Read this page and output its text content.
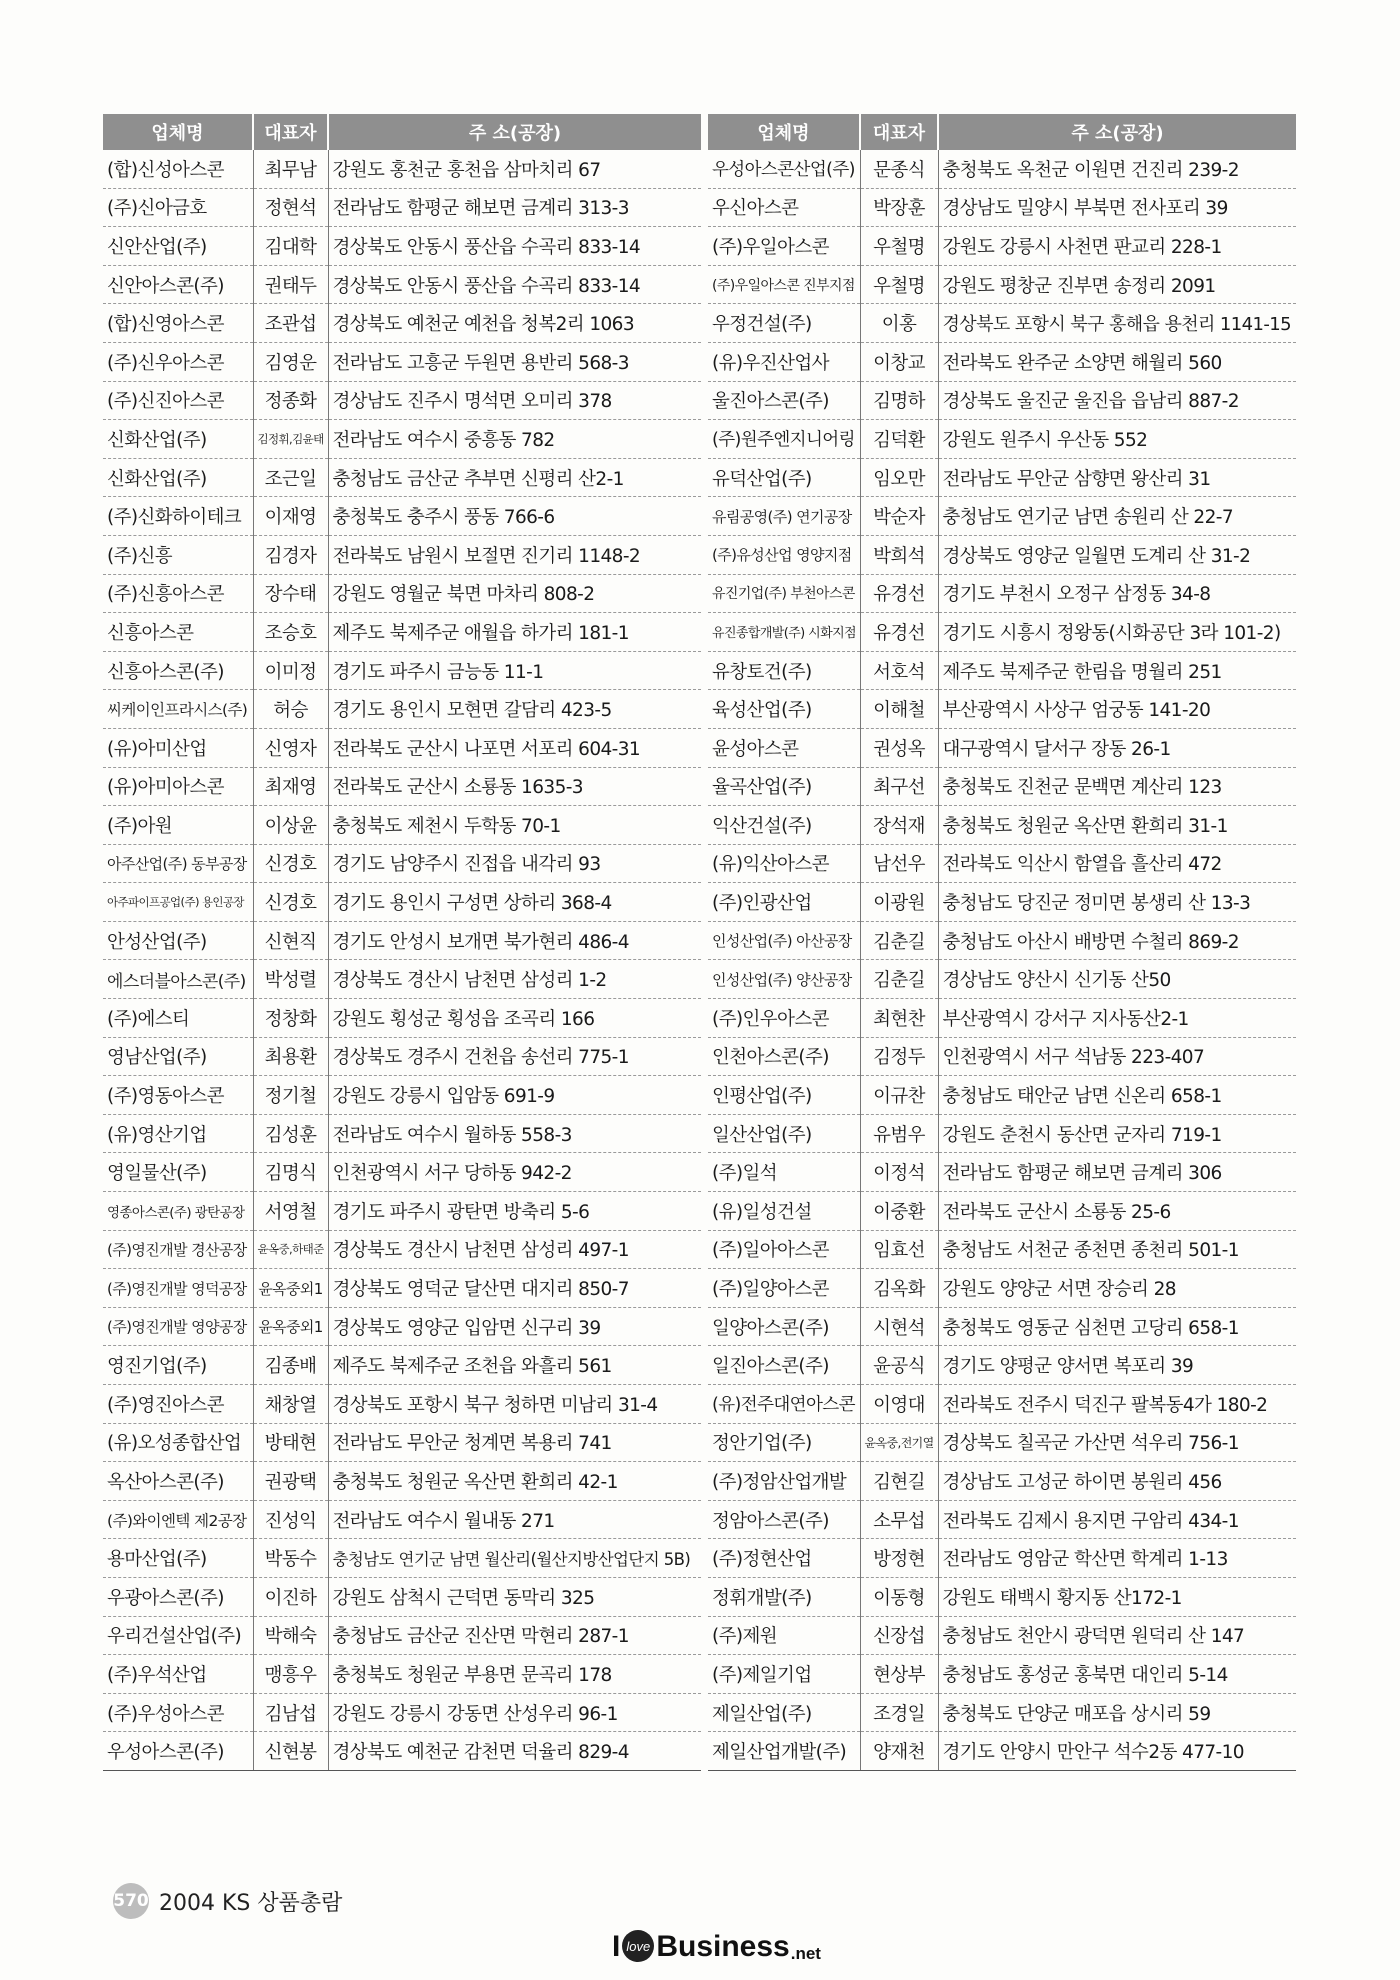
업체명	대표자	주 소(공장)
(합)신성아스콘	최무남	강원도 홍천군 홍천읍 삼마치리 67
(주)신아금호	정현석	전라남도 함평군 해보면 금계리 313-3
신안산업(주)	김대학	경상북도 안동시 풍산읍 수곡리 833-14
신안아스콘(주)	권태두	경상북도 안동시 풍산읍 수곡리 833-14
(합)신영아스콘	조관섭	경상북도 예천군 예천읍 청복2리 1063
(주)신우아스콘	김영운	전라남도 고흥군 두원면 용반리 568-3
(주)신진아스콘	정종화	경상남도 진주시 명석면 오미리 378
신화산업(주)	김정휘,김윤태	전라남도 여수시 중흥동 782
신화산업(주)	조근일	충청남도 금산군 추부면 신평리 산2-1
(주)신화하이테크	이재영	충청북도 충주시 풍동 766-6
(주)신흥	김경자	전라북도 남원시 보절면 진기리 1148-2
(주)신흥아스콘	장수태	강원도 영월군 북면 마차리 808-2
신흥아스콘	조승호	제주도 북제주군 애월읍 하가리 181-1
신흥아스콘(주)	이미정	경기도 파주시 금능동 11-1
씨케이인프라시스(주)	허승	경기도 용인시 모현면 갈담리 423-5
(유)아미산업	신영자	전라북도 군산시 나포면 서포리 604-31
(유)아미아스콘	최재영	전라북도 군산시 소룡동 1635-3
(주)아원	이상윤	충청북도 제천시 두학동 70-1
아주산업(주) 동부공장	신경호	경기도 남양주시 진접읍 내각리 93
아주파이프공업(주) 용인공장	신경호	경기도 용인시 구성면 상하리 368-4
안성산업(주)	신현직	경기도 안성시 보개면 북가현리 486-4
에스더블아스콘(주)	박성렬	경상북도 경산시 남천면 삼성리 1-2
(주)에스티	정창화	강원도 횡성군 횡성읍 조곡리 166
영남산업(주)	최용환	경상북도 경주시 건천읍 송선리 775-1
(주)영동아스콘	정기철	강원도 강릉시 입암동 691-9
(유)영산기업	김성훈	전라남도 여수시 월하동 558-3
영일물산(주)	김명식	인천광역시 서구 당하동 942-2
영종아스콘(주) 광탄공장	서영철	경기도 파주시 광탄면 방축리 5-6
(주)영진개발 경산공장	윤옥중,하태준	경상북도 경산시 남천면 삼성리 497-1
(주)영진개발 영덕공장	윤옥중외1	경상북도 영덕군 달산면 대지리 850-7
(주)영진개발 영양공장	윤옥중외1	경상북도 영양군 입암면 신구리 39
영진기업(주)	김종배	제주도 북제주군 조천읍 와흘리 561
(주)영진아스콘	채창열	경상북도 포항시 북구 청하면 미남리 31-4
(유)오성종합산업	방태현	전라남도 무안군 청계면 복용리 741
옥산아스콘(주)	권광택	충청북도 청원군 옥산면 환희리 42-1
(주)와이엔텍 제2공장	진성익	전라남도 여수시 월내동 271
용마산업(주)	박동수	충청남도 연기군 남면 월산리(월산지방산업단지 5B)
우광아스콘(주)	이진하	강원도 삼척시 근덕면 동막리 325
우리건설산업(주)	박해숙	충청남도 금산군 진산면 막현리 287-1
(주)우석산업	맹흥우	충청북도 청원군 부용면 문곡리 178
(주)우성아스콘	김남섭	강원도 강릉시 강동면 산성우리 96-1
우성아스콘(주)	신현봉	경상북도 예천군 감천면 덕율리 829-4
업체명	대표자	주 소(공장)
우성아스콘산업(주)	문종식	충청북도 옥천군 이원면 건진리 239-2
우신아스콘	박장훈	경상남도 밀양시 부북면 전사포리 39
(주)우일아스콘	우철명	강원도 강릉시 사천면 판교리 228-1
(주)우일아스콘 진부지점	우철명	강원도 평창군 진부면 송정리 2091
우정건설(주)	이홍	경상북도 포항시 북구 홍해읍 용천리 1141-15
(유)우진산업사	이창교	전라북도 완주군 소양면 해월리 560
울진아스콘(주)	김명하	경상북도 울진군 울진읍 읍남리 887-2
(주)원주엔지니어링	김덕환	강원도 원주시 우산동 552
유덕산업(주)	임오만	전라남도 무안군 삼향면 왕산리 31
유림공영(주) 연기공장	박순자	충청남도 연기군 남면 송원리 산 22-7
(주)유성산업 영양지점	박희석	경상북도 영양군 일월면 도계리 산 31-2
유진기업(주) 부천아스콘	유경선	경기도 부천시 오정구 삼정동 34-8
유진종합개발(주) 시화지점	유경선	경기도 시흥시 정왕동(시화공단 3라 101-2)
유창토건(주)	서호석	제주도 북제주군 한림읍 명월리 251
육성산업(주)	이해철	부산광역시 사상구 엄궁동 141-20
윤성아스콘	권성옥	대구광역시 달서구 장동 26-1
율곡산업(주)	최구선	충청북도 진천군 문백면 계산리 123
익산건설(주)	장석재	충청북도 청원군 옥산면 환희리 31-1
(유)익산아스콘	남선우	전라북도 익산시 함열읍 흘산리 472
(주)인광산업	이광원	충청남도 당진군 정미면 봉생리 산 13-3
인성산업(주) 아산공장	김춘길	충청남도 아산시 배방면 수철리 869-2
인성산업(주) 양산공장	김춘길	경상남도 양산시 신기동 산50
(주)인우아스콘	최현찬	부산광역시 강서구 지사동산2-1
인천아스콘(주)	김정두	인천광역시 서구 석남동 223-407
인평산업(주)	이규찬	충청남도 태안군 남면 신온리 658-1
일산산업(주)	유범우	강원도 춘천시 동산면 군자리 719-1
(주)일석	이정석	전라남도 함평군 해보면 금계리 306
(유)일성건설	이중환	전라북도 군산시 소룡동 25-6
(주)일아아스콘	임효선	충청남도 서천군 종천면 종천리 501-1
(주)일양아스콘	김옥화	강원도 양양군 서면 장승리 28
일양아스콘(주)	시현석	충청북도 영동군 심천면 고당리 658-1
일진아스콘(주)	윤공식	경기도 양평군 양서면 복포리 39
(유)전주대연아스콘	이영대	전라북도 전주시 덕진구 팔복동4가 180-2
정안기업(주)	윤옥중,전기열	경상북도 칠곡군 가산면 석우리 756-1
(주)정암산업개발	김현길	경상남도 고성군 하이면 봉원리 456
정암아스콘(주)	소무섭	전라북도 김제시 용지면 구암리 434-1
(주)정현산업	방정현	전라남도 영암군 학산면 학계리 1-13
정휘개발(주)	이동형	강원도 태백시 황지동 산172-1
(주)제원	신장섭	충청남도 천안시 광덕면 원덕리 산 147
(주)제일기업	현상부	충청남도 홍성군 홍북면 대인리 5-14
제일산업(주)	조경일	충청북도 단양군 매포읍 상시리 59
제일산업개발(주)	양재천	경기도 안양시 만안구 석수2동 477-10
570 2004 KS 상품총람
I love Business .net
